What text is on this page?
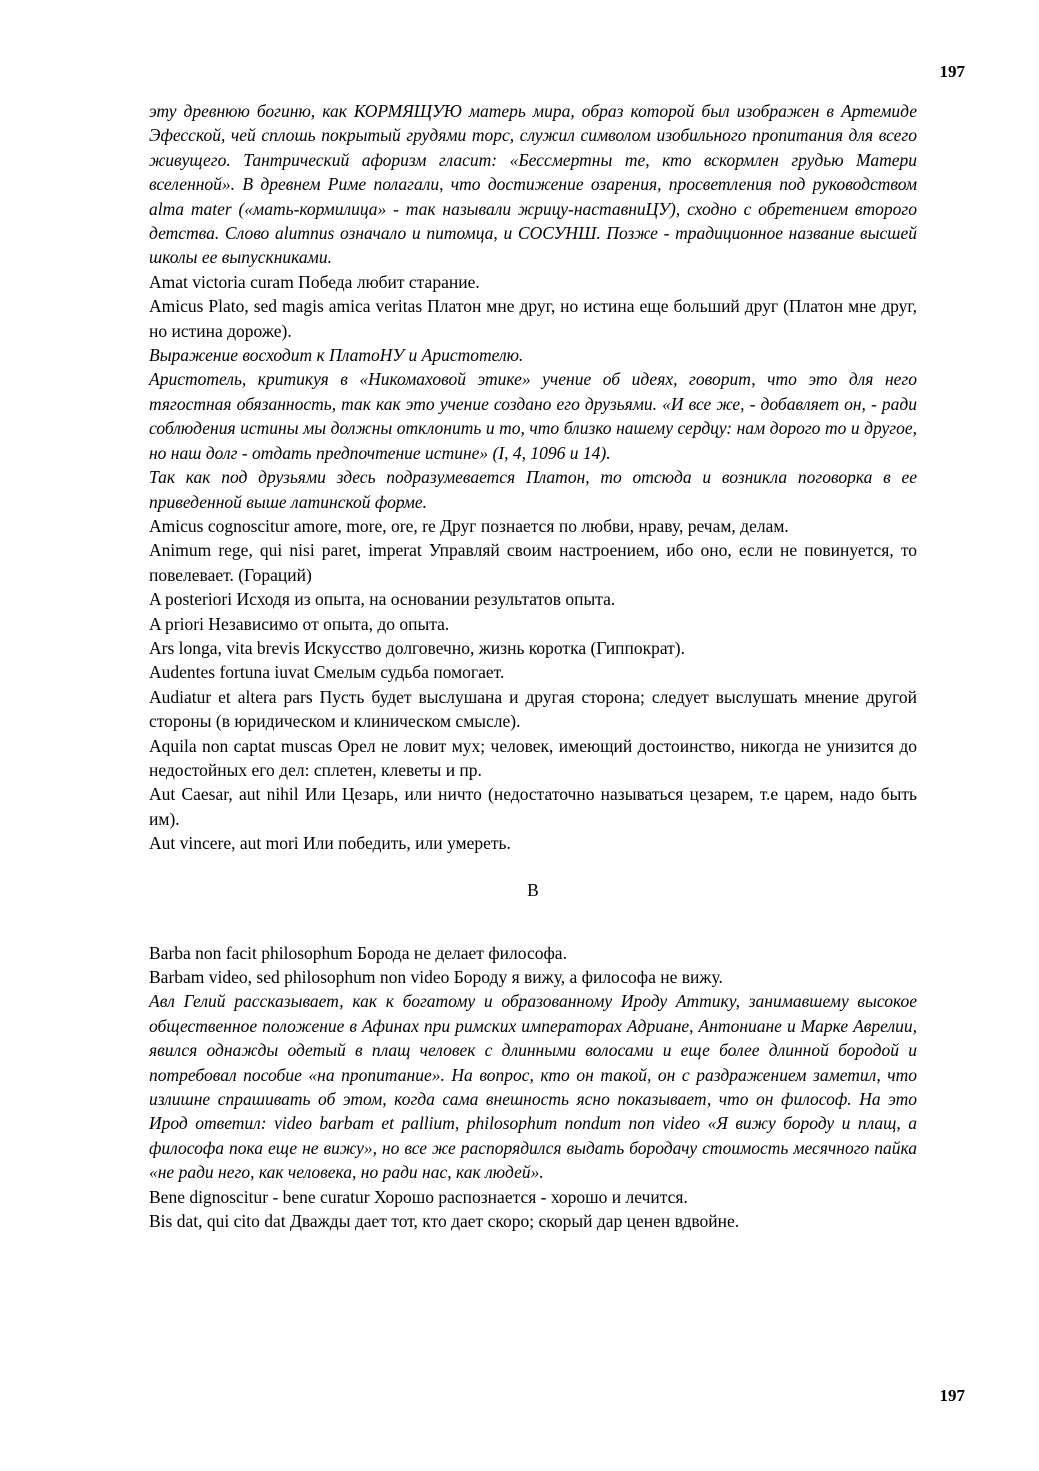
197

эту древнюю богиню, как КОРМЯЩУЮ матерь мира, образ которой был изображен в Артемиде Эфесской, чей сплошь покрытый грудями торс, служил символом изобильного пропитания для всего живущего. Тантрический афоризм гласит: «Бессмертны те, кто вскормлен грудью Матери вселенной». В древнем Риме полагали, что достижение озарения, просветления под руководством alma mater («мать-кормилица» - так называли жрицу-наставниЦУ), сходно с обретением второго детства. Слово alumnus означало и питомца, и СОСУНШ. Позже - традиционное название высшей школы ее выпускниками.

Amat victoria curam Победа любит старание.

Amicus Plato, sed magis amica veritas Платон мне друг, но истина еще больший друг (Платон мне друг, но истина дороже).

Выражение восходит к ПлатоНУ и Аристотелю.

Аристотель, критикуя в «Никомаховой этике» учение об идеях, говорит, что это для него тягостная обязанность, так как это учение создано его друзьями. «И все же, - добавляет он, - ради соблюдения истины мы должны отклонить и то, что близко нашему сердцу: нам дорого то и другое, но наш долг - отдать предпочтение истине» (I, 4, 1096 и 14).

Так как под друзьями здесь подразумевается Платон, то отсюда и возникла поговорка в ее приведенной выше латинской форме.

Amicus cognoscitur amore, more, ore, re Друг познается по любви, нраву, речам, делам.

Animum rege, qui nisi paret, imperat Управляй своим настроением, ибо оно, если не повинуется, то повелевает. (Гораций)

A posteriori Исходя из опыта, на основании результатов опыта.

A priori Независимо от опыта, до опыта.

Ars longa, vita brevis Искусство долговечно, жизнь коротка (Гиппократ).

Audentes fortuna iuvat Смелым судьба помогает.

Audiatur et altera pars Пусть будет выслушана и другая сторона; следует выслушать мнение другой стороны (в юридическом и клиническом смысле).

Aquila non captat muscas Орел не ловит мух; человек, имеющий достоинство, никогда не унизится до недостойных его дел: сплетен, клеветы и пр.

Aut Caesar, aut nihil Или Цезарь, или ничто (недостаточно называться цезарем, т.е царем, надо быть им).

Aut vincere, aut mori Или победить, или умереть.

B

Barba non facit philosophum Борода не делает философа.

Barbam video, sed philosophum non video Бороду я вижу, а философа не вижу.

Авл Гелий рассказывает, как к богатому и образованному Ироду Аттику, занимавшему высокое общественное положение в Афинах при римских императорах Адриане, Антониане и Марке Аврелии, явился однажды одетый в плащ человек с длинными волосами и еще более длинной бородой и потребовал пособие «на пропитание». На вопрос, кто он такой, он с раздражением заметил, что излишне спрашивать об этом, когда сама внешность ясно показывает, что он философ. На это Ирод ответил: video barbam et pallium, philosophum nondum non video «Я вижу бороду и плащ, а философа пока еще не вижу», но все же распорядился выдать бородачу стоимость месячного пайка «не ради него, как человека, но ради нас, как людей».

Bene dignoscitur - bene curatur Хорошо распознается - хорошо и лечится.

Bis dat, qui cito dat Дважды дает тот, кто дает скоро; скорый дар ценен вдвойне.

197
